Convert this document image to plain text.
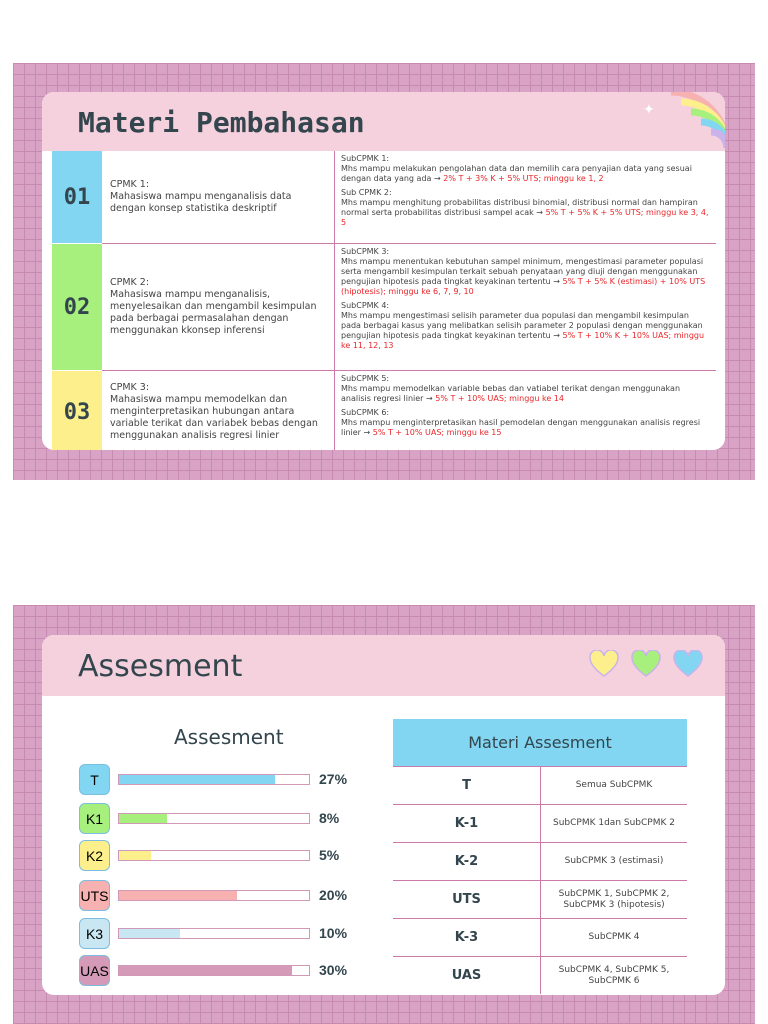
Materi Pembahasan	✦
01	CPMK 1:
Mahasiswa mampu menganalisis data dengan konsep statistika deskriptif
SubCPMK 1:
Mhs mampu melakukan pengolahan data dan memilih cara penyajian data yang sesuai dengan data yang ada → 2% T + 3% K + 5% UTS; minggu ke 1, 2
Sub CPMK 2:
Mhs mampu menghitung probabilitas distribusi binomial, distribusi normal dan hampiran normal serta probabilitas distribusi sampel acak → 5% T + 5% K + 5% UTS; minggu ke 3, 4, 5
02
CPMK 2:
Mahasiswa mampu menganalisis, menyelesaikan dan mengambil kesimpulan pada berbagai permasalahan dengan menggunakan kkonsep inferensi
SubCPMK 3:
Mhs mampu menentukan kebutuhan sampel minimum, mengestimasi parameter populasi serta mengambil kesimpulan terkait sebuah penyataan yang diuji dengan menggunakan pengujian hipotesis pada tingkat keyakinan tertentu → 5% T + 5% K (estimasi) + 10% UTS (hipotesis); minggu ke 6, 7, 9, 10
SubCPMK 4:
Mhs mampu mengestimasi selisih parameter dua populasi dan mengambil kesimpulan pada berbagai kasus yang melibatkan selisih parameter 2 populasi dengan menggunakan pengujian hipotesis pada tingkat keyakinan tertentu → 5% T + 10% K + 10% UAS; minggu ke 11, 12, 13
03
CPMK 3:
Mahasiswa mampu memodelkan dan menginterpretasikan hubungan antara variable terikat dan variabek bebas dengan menggunakan analisis regresi linier
SubCPMK 5:
Mhs mampu memodelkan variable bebas dan vatiabel terikat dengan menggunakan analisis regresi linier → 5% T + 10% UAS; minggu ke 14
SubCPMK 6:
Mhs mampu menginterpretasikan hasil pemodelan dengan menggunakan analisis regresi linier → 5% T + 10% UAS; minggu ke 15
Assesment
Assesment
T	27%
K1	8%
K2	5%
UTS	20%
K3	10%
UAS	30%
Materi Assesment
T	Semua SubCPMK
K-1	SubCPMK 1dan SubCPMK 2
K-2	SubCPMK 3 (estimasi)
UTS	SubCPMK 1, SubCPMK 2, SubCPMK 3 (hipotesis)
K-3	SubCPMK 4
UAS	SubCPMK 4, SubCPMK 5, SubCPMK 6
